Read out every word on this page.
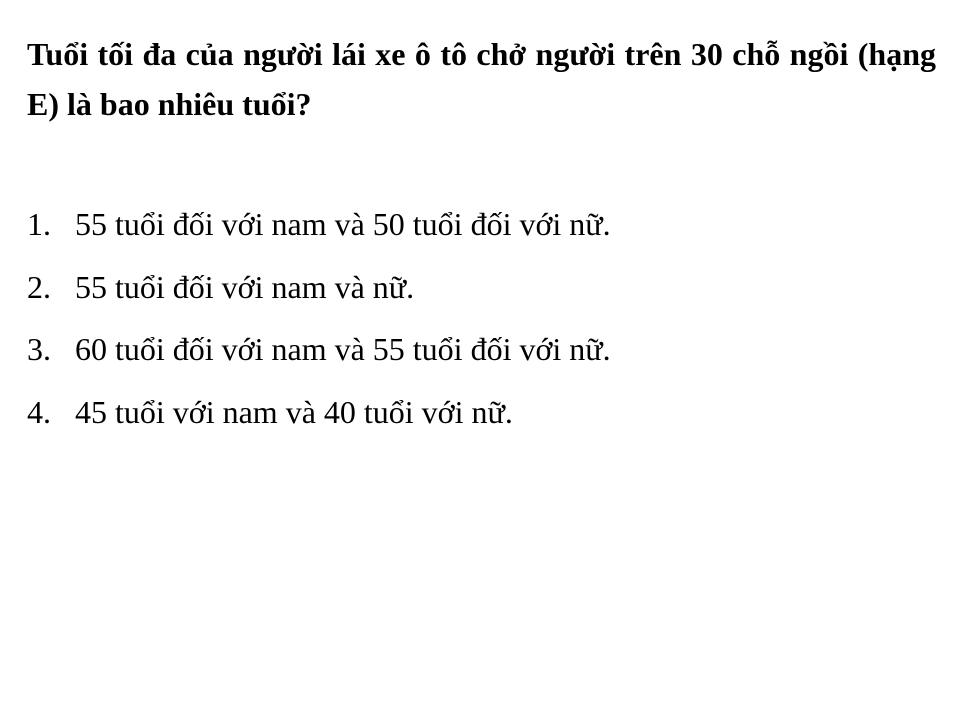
Tuổi tối đa của người lái xe ô tô chở người trên 30 chỗ ngồi (hạng E) là bao nhiêu tuổi?

1. 55 tuổi đối với nam và 50 tuổi đối với nữ.
2. 55 tuổi đối với nam và nữ.
3. 60 tuổi đối với nam và 55 tuổi đối với nữ.
4. 45 tuổi với nam và 40 tuổi với nữ.
